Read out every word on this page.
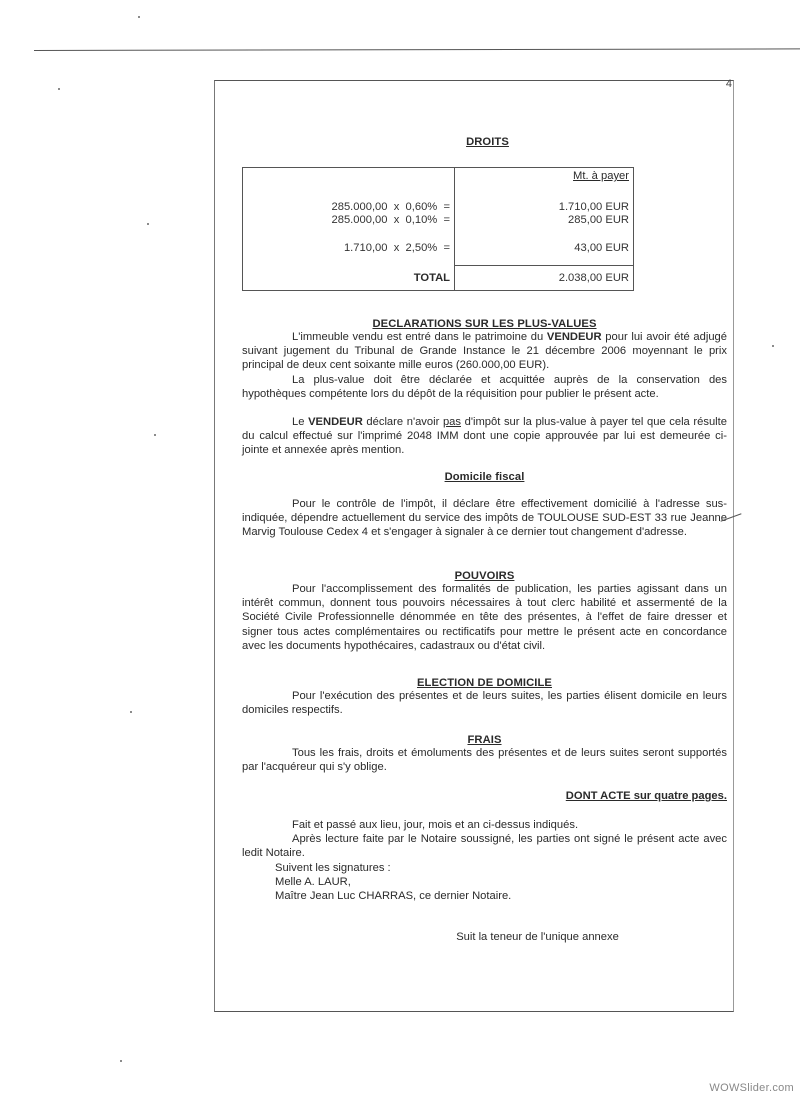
4
DROITS
285.000,00  x  0,60%  =
285.000,00  x  0,10%  =
1.710,00  x  2,50%  =
TOTAL
Mt. à payer
1.710,00 EUR
285,00 EUR
43,00 EUR
2.038,00 EUR
DECLARATIONS SUR LES PLUS-VALUES

L'immeuble vendu est entré dans le patrimoine du VENDEUR pour lui avoir été adjugé suivant jugement du Tribunal de Grande Instance le 21 décembre 2006 moyennant le prix principal de deux cent soixante mille euros (260.000,00 EUR).

La plus-value doit être déclarée et acquittée auprès de la conservation des hypothèques compétente lors du dépôt de la réquisition pour publier le présent acte.

Le VENDEUR déclare n'avoir pas d'impôt sur la plus-value à payer tel que cela résulte du calcul effectué sur l'imprimé 2048 IMM dont une copie approuvée par lui est demeurée ci-jointe et annexée après mention.

Domicile fiscal

Pour le contrôle de l'impôt, il déclare être effectivement domicilié à l'adresse sus-indiquée, dépendre actuellement du service des impôts de TOULOUSE SUD-EST 33 rue Jeanne Marvig Toulouse Cedex 4 et s'engager à signaler à ce dernier tout changement d'adresse.

POUVOIRS

Pour l'accomplissement des formalités de publication, les parties agissant dans un intérêt commun, donnent tous pouvoirs nécessaires à tout clerc habilité et assermenté de la Société Civile Professionnelle dénommée en tête des présentes, à l'effet de faire dresser et signer tous actes complémentaires ou rectificatifs pour mettre le présent acte en concordance avec les documents hypothécaires, cadastraux ou d'état civil.

ELECTION DE DOMICILE

Pour l'exécution des présentes et de leurs suites, les parties élisent domicile en leurs domiciles respectifs.

FRAIS

Tous les frais, droits et émoluments des présentes et de leurs suites seront supportés par l'acquéreur qui s'y oblige.

DONT ACTE sur quatre pages.

Fait et passé aux lieu, jour, mois et an ci-dessus indiqués.

Après lecture faite par le Notaire soussigné, les parties ont signé le présent acte avec ledit Notaire.

Suivent les signatures :

Melle A. LAUR,

Maître Jean Luc CHARRAS, ce dernier Notaire.

Suit la teneur de l'unique annexe
WOWSlider.com
